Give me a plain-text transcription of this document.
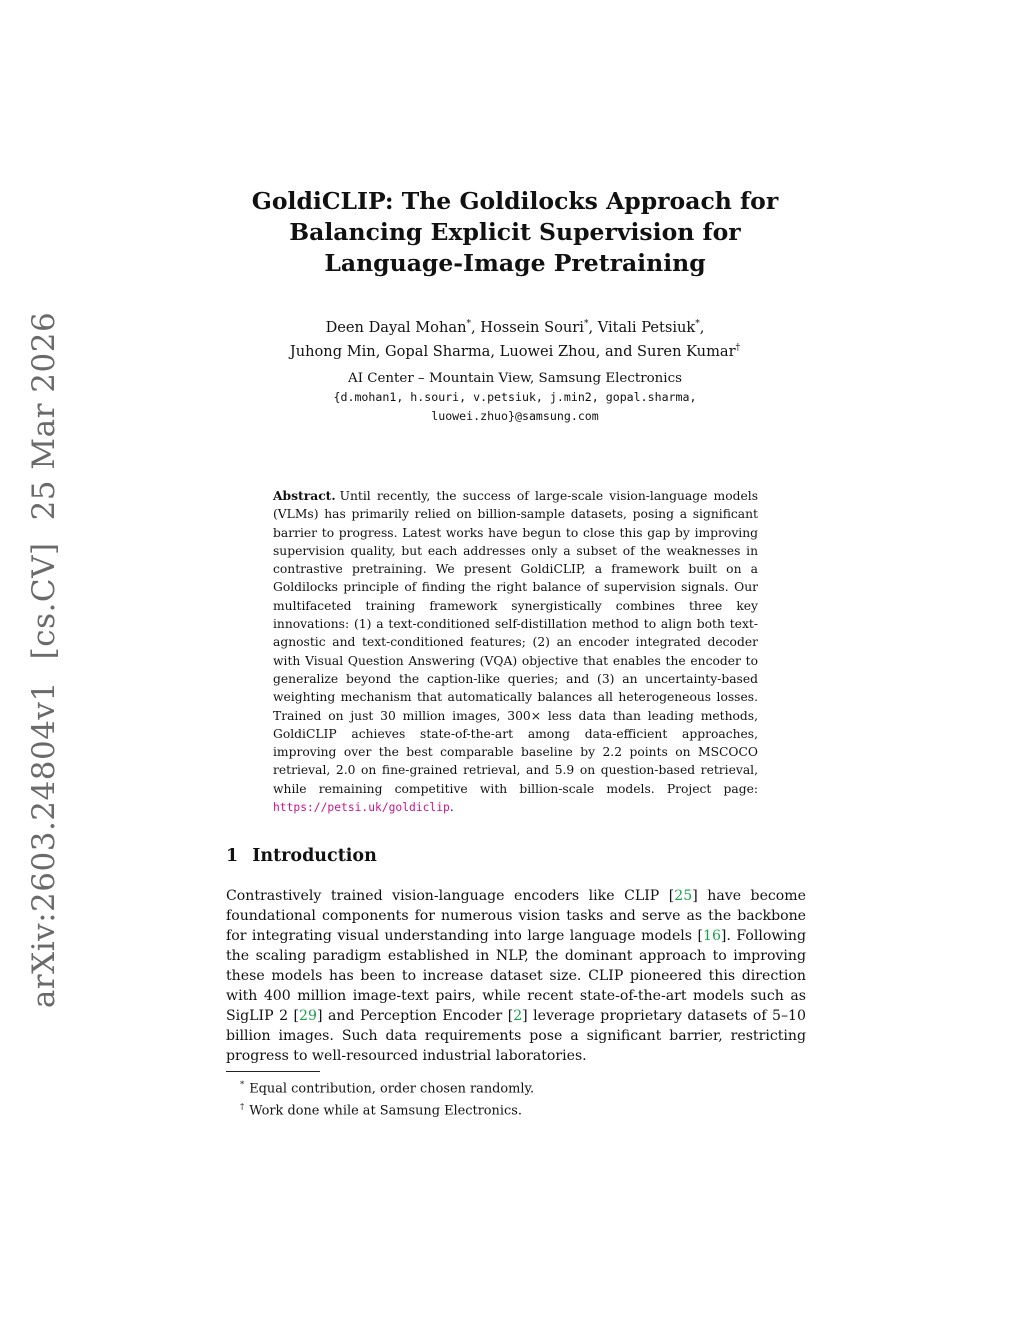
arXiv:2603.24804v1[cs.CV]25 Mar 2026
GoldiCLIP: The Goldilocks Approach for
Balancing Explicit Supervision for
Language-Image Pretraining
Deen Dayal Mohan*, Hossein Souri*, Vitali Petsiuk*,
Juhong Min, Gopal Sharma, Luowei Zhou, and Suren Kumar†
AI Center – Mountain View, Samsung Electronics
{d.mohan1, h.souri, v.petsiuk, j.min2, gopal.sharma,
luowei.zhuo}@samsung.com
Abstract. Until recently, the success of large-scale vision-language models (VLMs) has primarily relied on billion-sample datasets, posing a significant barrier to progress. Latest works have begun to close this gap by improving supervision quality, but each addresses only a subset of the weaknesses in contrastive pretraining. We present GoldiCLIP, a framework built on a Goldilocks principle of finding the right balance of supervision signals. Our multifaceted training framework synergistically combines three key innovations: (1) a text-conditioned self-distillation method to align both text-agnostic and text-conditioned features; (2) an encoder integrated decoder with Visual Question Answering (VQA) objective that enables the encoder to generalize beyond the caption-like queries; and (3) an uncertainty-based weighting mechanism that automatically balances all heterogeneous losses. Trained on just 30 million images, 300× less data than leading methods, GoldiCLIP achieves state-of-the-art among data-efficient approaches, improving over the best comparable baseline by 2.2 points on MSCOCO retrieval, 2.0 on fine-grained retrieval, and 5.9 on question-based retrieval, while remaining competitive with billion-scale models. Project page: https://petsi.uk/goldiclip.
1 Introduction
Contrastively trained vision-language encoders like CLIP [25] have become foundational components for numerous vision tasks and serve as the backbone for integrating visual understanding into large language models [16]. Following the scaling paradigm established in NLP, the dominant approach to improving these models has been to increase dataset size. CLIP pioneered this direction with 400 million image-text pairs, while recent state-of-the-art models such as SigLIP 2 [29] and Perception Encoder [2] leverage proprietary datasets of 5–10 billion images. Such data requirements pose a significant barrier, restricting progress to well-resourced industrial laboratories.
* Equal contribution, order chosen randomly.
† Work done while at Samsung Electronics.
